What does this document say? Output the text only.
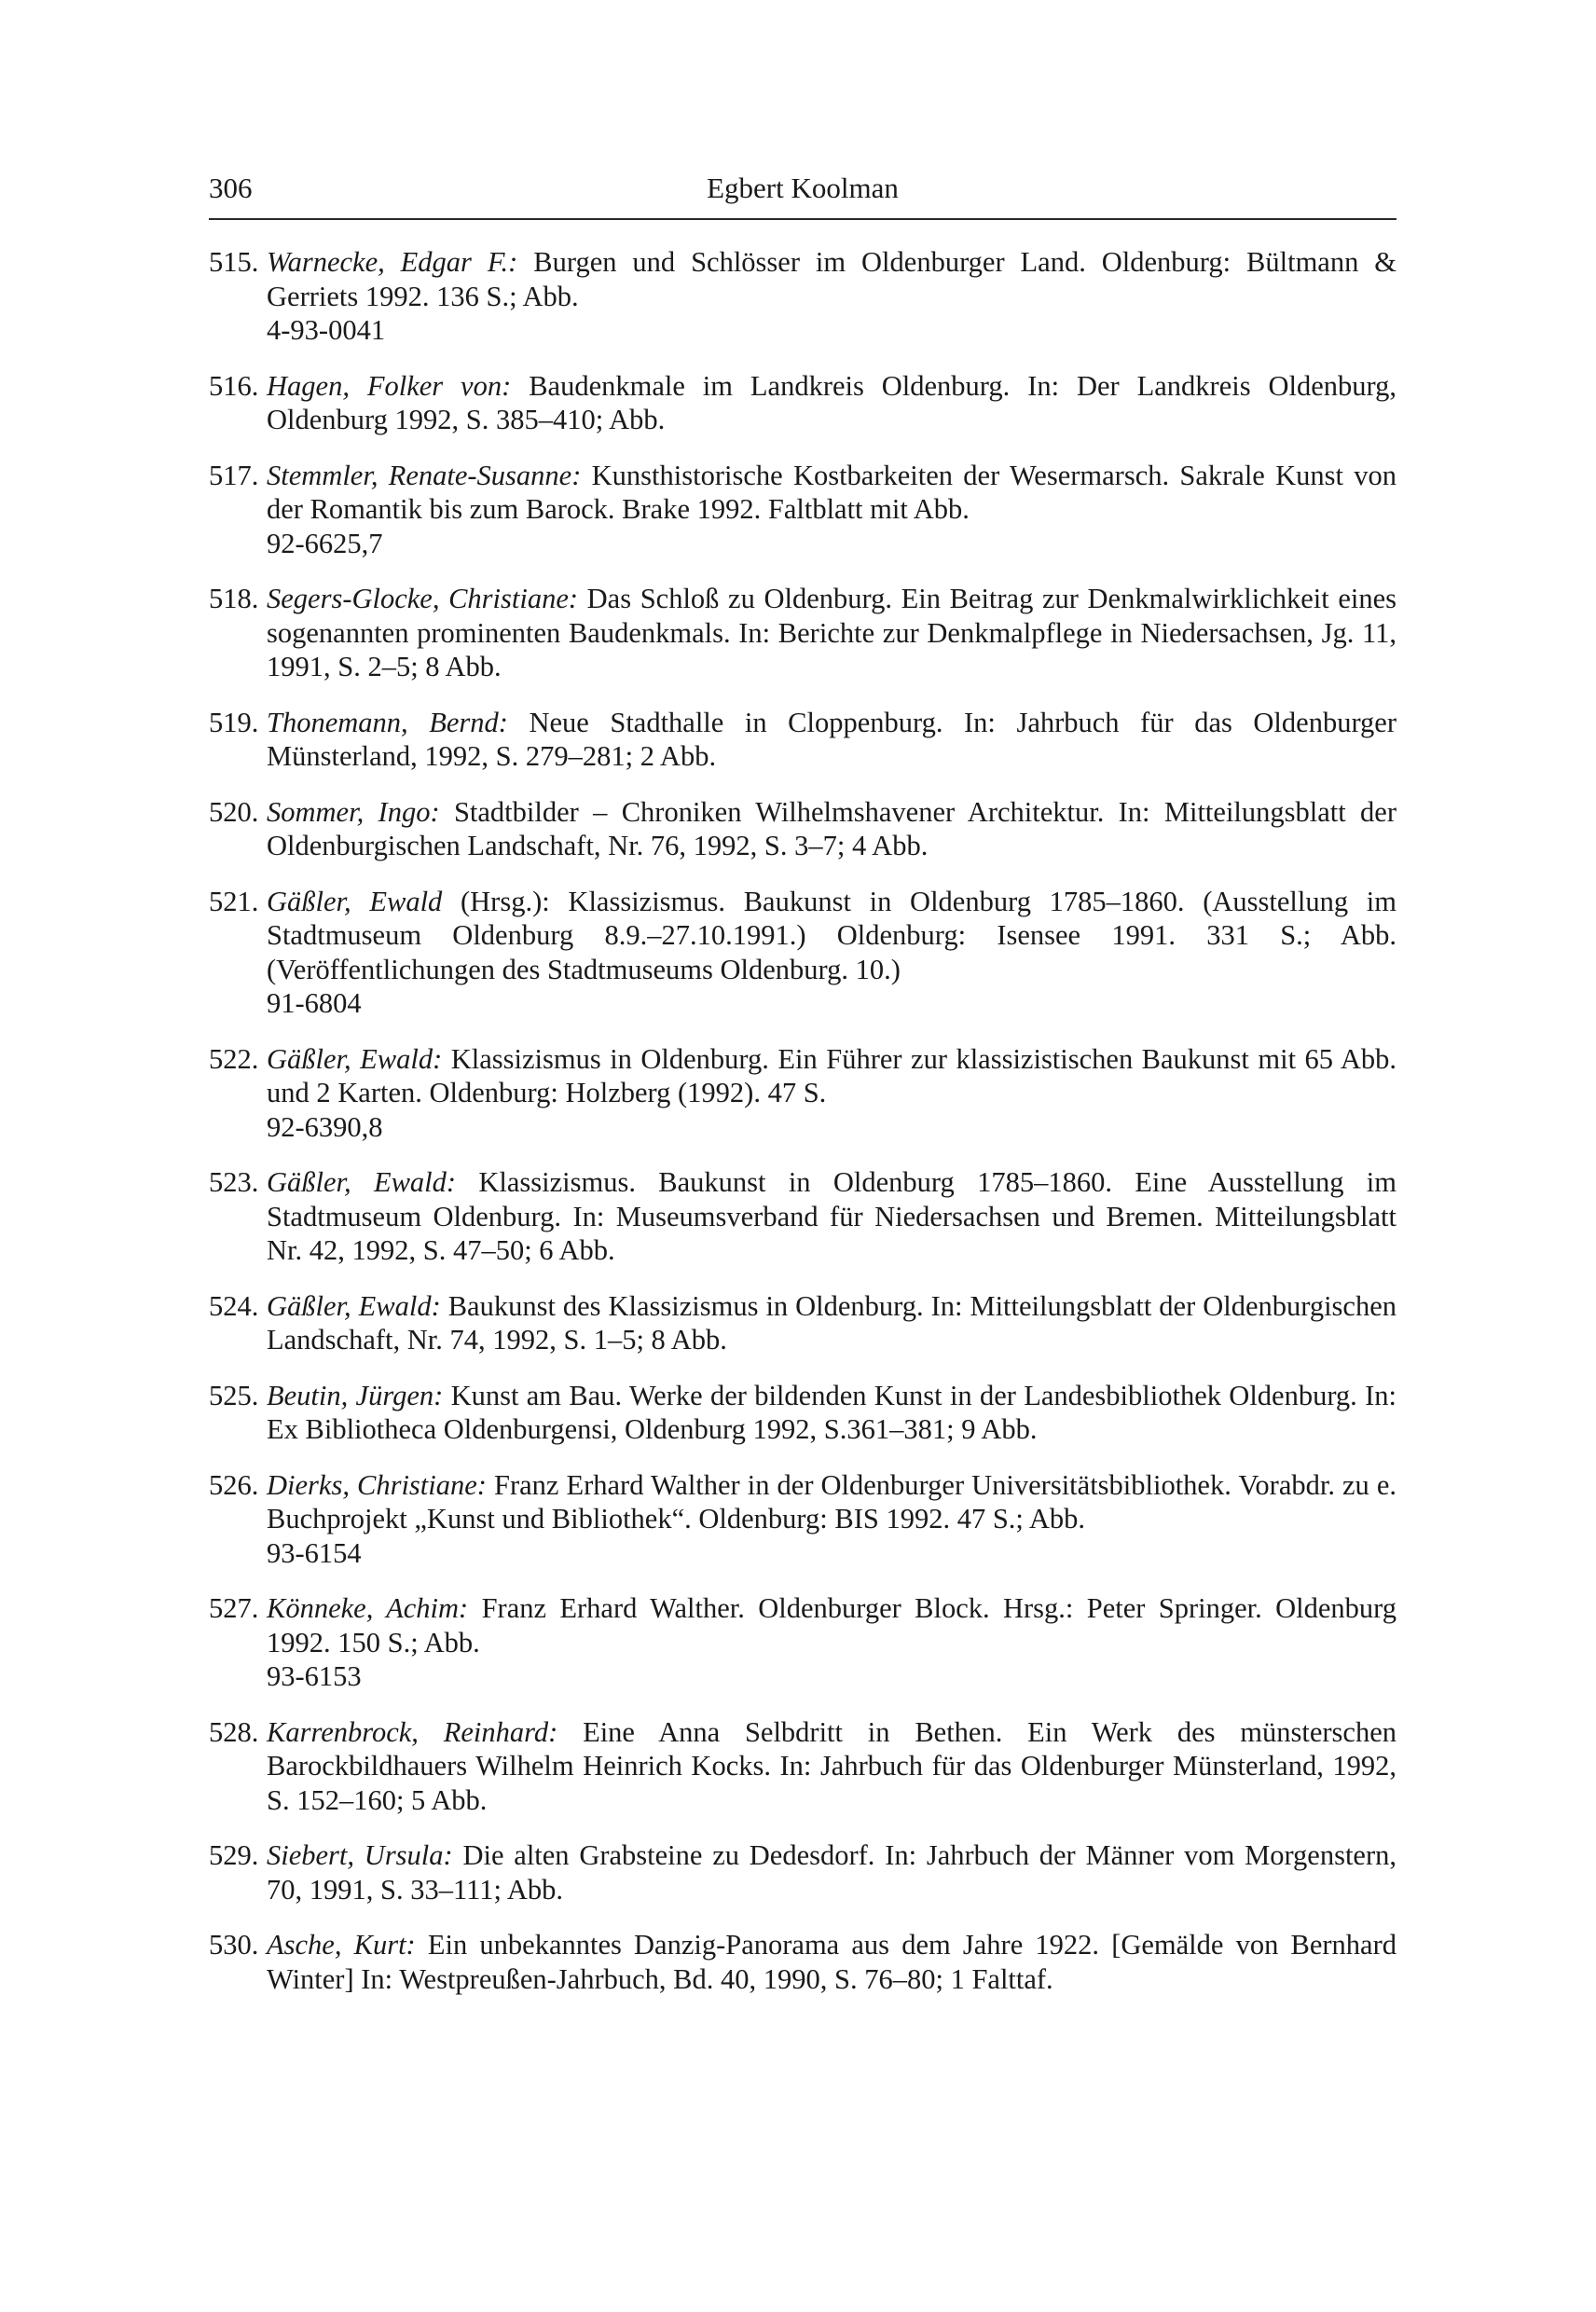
306	Egbert Koolman
515. Warnecke, Edgar F.: Burgen und Schlösser im Oldenburger Land. Oldenburg: Bültmann & Gerriets 1992. 136 S.; Abb.
4-93-0041
516. Hagen, Folker von: Baudenkmale im Landkreis Oldenburg. In: Der Landkreis Oldenburg, Oldenburg 1992, S. 385–410; Abb.
517. Stemmler, Renate-Susanne: Kunsthistorische Kostbarkeiten der Wesermarsch. Sakrale Kunst von der Romantik bis zum Barock. Brake 1992. Faltblatt mit Abb.
92-6625,7
518. Segers-Glocke, Christiane: Das Schloß zu Oldenburg. Ein Beitrag zur Denkmalwirklichkeit eines sogenannten prominenten Baudenkmals. In: Berichte zur Denkmalpflege in Niedersachsen, Jg. 11, 1991, S. 2–5; 8 Abb.
519. Thonemann, Bernd: Neue Stadthalle in Cloppenburg. In: Jahrbuch für das Oldenburger Münsterland, 1992, S. 279–281; 2 Abb.
520. Sommer, Ingo: Stadtbilder – Chroniken Wilhelmshavener Architektur. In: Mitteilungsblatt der Oldenburgischen Landschaft, Nr. 76, 1992, S. 3–7; 4 Abb.
521. Gäßler, Ewald (Hrsg.): Klassizismus. Baukunst in Oldenburg 1785–1860. (Ausstellung im Stadtmuseum Oldenburg 8.9.–27.10.1991.) Oldenburg: Isensee 1991. 331 S.; Abb. (Veröffentlichungen des Stadtmuseums Oldenburg. 10.)
91-6804
522. Gäßler, Ewald: Klassizismus in Oldenburg. Ein Führer zur klassizistischen Baukunst mit 65 Abb. und 2 Karten. Oldenburg: Holzberg (1992). 47 S.
92-6390,8
523. Gäßler, Ewald: Klassizismus. Baukunst in Oldenburg 1785–1860. Eine Ausstellung im Stadtmuseum Oldenburg. In: Museumsverband für Niedersachsen und Bremen. Mitteilungsblatt Nr. 42, 1992, S. 47–50; 6 Abb.
524. Gäßler, Ewald: Baukunst des Klassizismus in Oldenburg. In: Mitteilungsblatt der Oldenburgischen Landschaft, Nr. 74, 1992, S. 1–5; 8 Abb.
525. Beutin, Jürgen: Kunst am Bau. Werke der bildenden Kunst in der Landesbibliothek Oldenburg. In: Ex Bibliotheca Oldenburgensi, Oldenburg 1992, S.361–381; 9 Abb.
526. Dierks, Christiane: Franz Erhard Walther in der Oldenburger Universitätsbibliothek. Vorabdr. zu e. Buchprojekt „Kunst und Bibliothek“. Oldenburg: BIS 1992. 47 S.; Abb.
93-6154
527. Könneke, Achim: Franz Erhard Walther. Oldenburger Block. Hrsg.: Peter Springer. Oldenburg 1992. 150 S.; Abb.
93-6153
528. Karrenbrock, Reinhard: Eine Anna Selbdritt in Bethen. Ein Werk des münsterschen Barockbildhauers Wilhelm Heinrich Kocks. In: Jahrbuch für das Oldenburger Münsterland, 1992, S. 152–160; 5 Abb.
529. Siebert, Ursula: Die alten Grabsteine zu Dedesdorf. In: Jahrbuch der Männer vom Morgenstern, 70, 1991, S. 33–111; Abb.
530. Asche, Kurt: Ein unbekanntes Danzig-Panorama aus dem Jahre 1922. [Gemälde von Bernhard Winter] In: Westpreußen-Jahrbuch, Bd. 40, 1990, S. 76–80; 1 Falttaf.
